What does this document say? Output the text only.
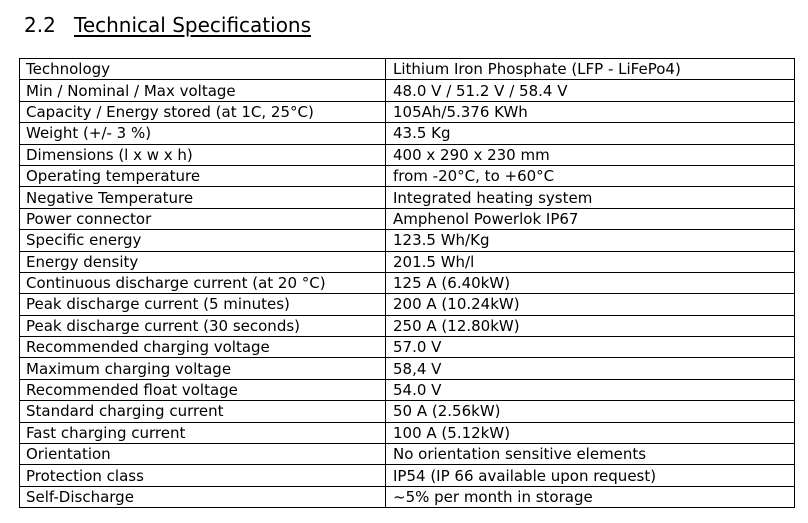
2.2 Technical Specifications
Technology	Lithium Iron Phosphate (LFP - LiFePo4)
Min / Nominal / Max voltage	48.0 V / 51.2 V / 58.4 V
Capacity / Energy stored (at 1C, 25°C)	105Ah/5.376 KWh
Weight (+/- 3 %)	43.5 Kg
Dimensions (l x w x h)	400 x 290 x 230 mm
Operating temperature	from -20°C, to +60°C
Negative Temperature	Integrated heating system
Power connector	Amphenol Powerlok IP67
Specific energy	123.5 Wh/Kg
Energy density	201.5 Wh/l
Continuous discharge current (at 20 °C)	125 A (6.40kW)
Peak discharge current (5 minutes)	200 A (10.24kW)
Peak discharge current (30 seconds)	250 A (12.80kW)
Recommended charging voltage	57.0 V
Maximum charging voltage	58,4 V
Recommended float voltage	54.0 V
Standard charging current	50 A (2.56kW)
Fast charging current	100 A (5.12kW)
Orientation	No orientation sensitive elements
Protection class	IP54 (IP 66 available upon request)
Self-Discharge	~5% per month in storage
